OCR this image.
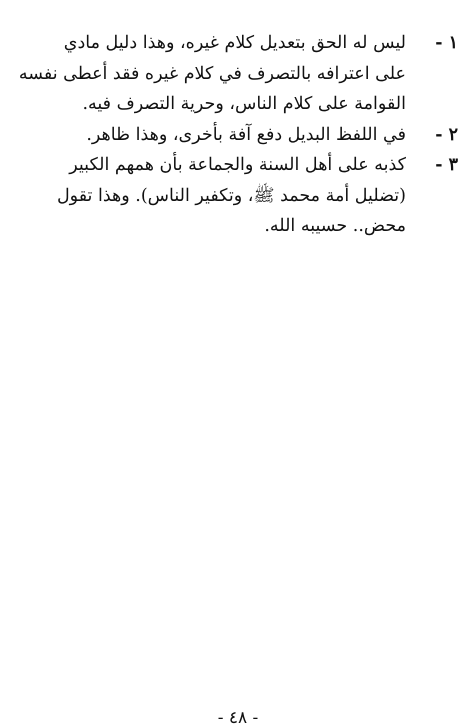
١ -
ليس له الحق بتعديل كلام غيره، وهذا دليل مادي
على اعترافه بالتصرف في كلام غيره فقد أعطى نفسه
القوامة على كلام الناس، وحرية التصرف فيه.
٢ -
في اللفظ البديل دفع آفة بأخرى، وهذا ظاهر.
٣ -
كذبه على أهل السنة والجماعة بأن همهم الكبير
(تضليل أمة محمد ﷺ، وتكفير الناس). وهذا تقول
محض.. حسيبه الله.
- ٤٨ -
